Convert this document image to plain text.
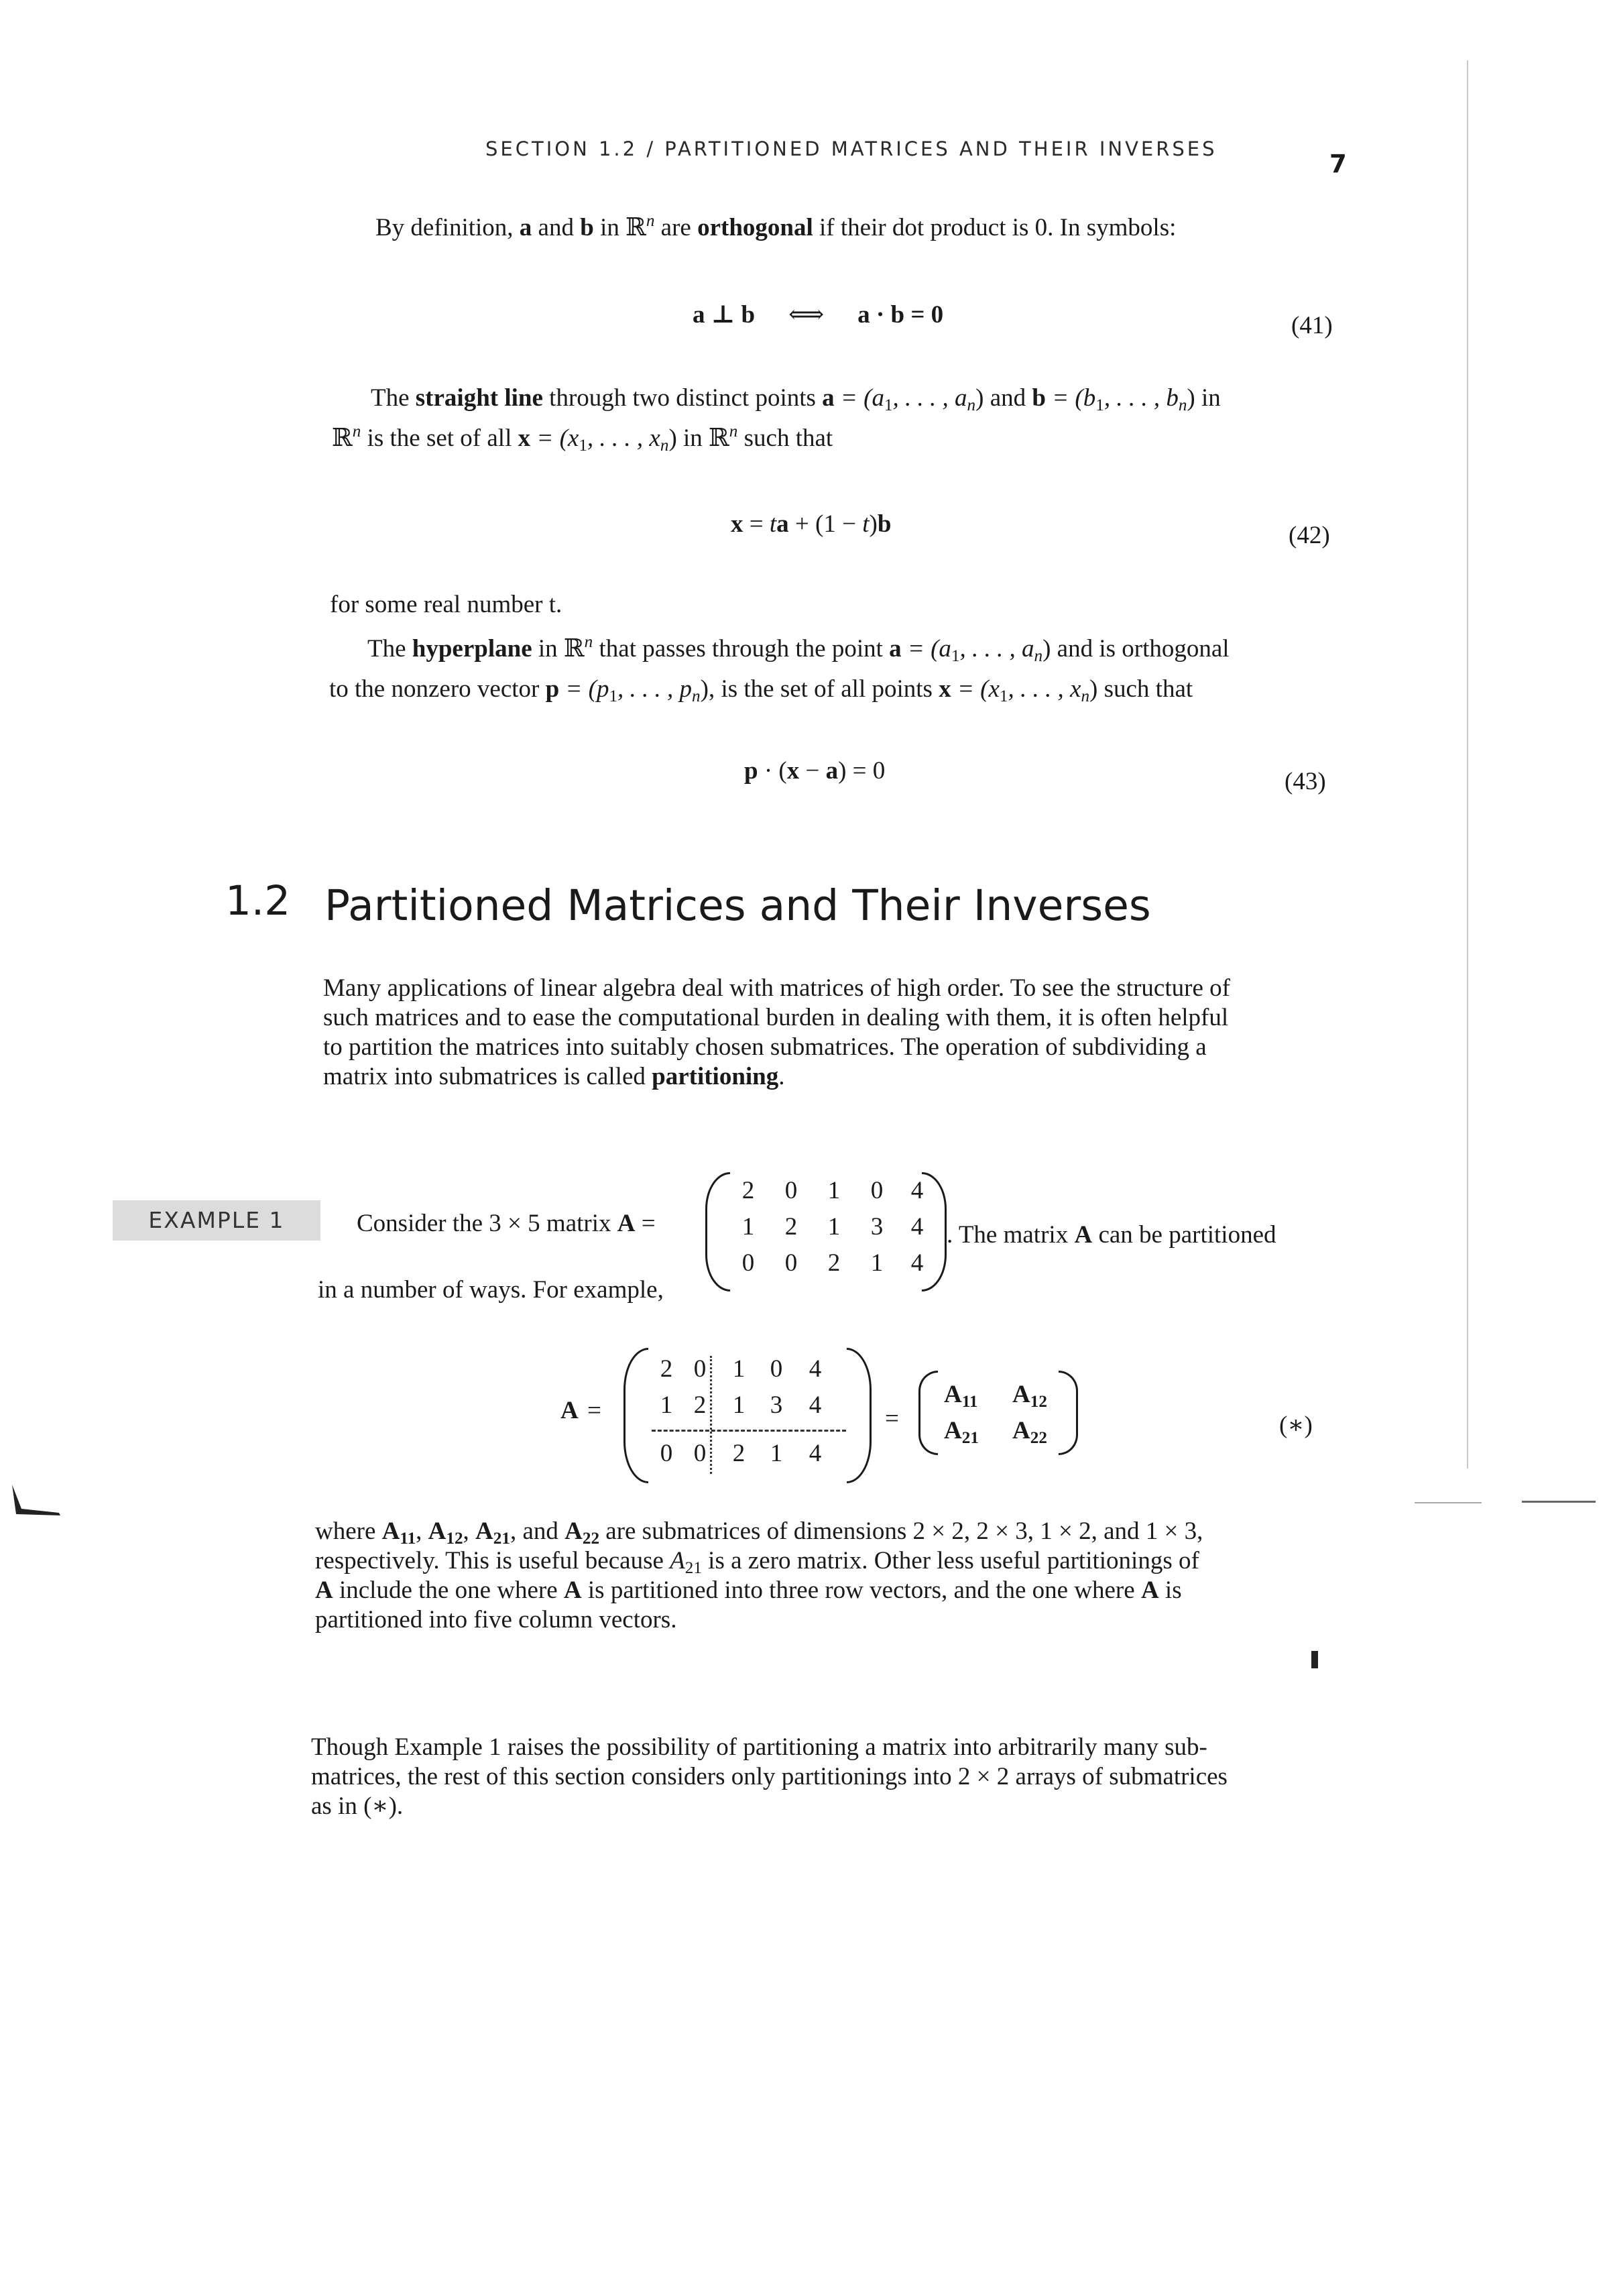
SECTION 1.2 / PARTITIONED MATRICES AND THEIR INVERSES
7
By definition, a and b in ℝ$^n$ are orthogonal if their dot product is 0. In symbols:
a ⊥ b ⟺ a · b = 0	(41)
The straight line through two distinct points $a = (a_1$, . . . , $a_n$) and $b = (b_1$, . . . , $b_n$) in
ℝ$^n$ is the set of all $x = (x_1$, . . . , $x_n$) in ℝ$^n$ such that
x = ta + (1 − t)b	(42)
for some real number t.
The hyperplane in ℝ$^n$ that passes through the point $a = (a_1$, . . . , $a_n$) and is orthogonal
to the nonzero vector $p = (p_1$, . . . , $p_n$), is the set of all points $x = (x_1$, . . . , $x_n$) such that
p · (x − a) = 0	(43)
1.2 Partitioned Matrices and Their Inverses
Many applications of linear algebra deal with matrices of high order. To see the structure of
such matrices and to ease the computational burden in dealing with them, it is often helpful
to partition the matrices into suitably chosen submatrices. The operation of subdividing a
matrix into submatrices is called partitioning.
EXAMPLE 1	Consider the 3 × 5 matrix A =
2 0 1 0 4
1 2 1 3 4
0 0 2 1 4
. The matrix A can be partitioned
in a number of ways. For example,
A =
2 0 1 0 4
1 2 1 3 4
0 0 2 1 4
=
$A_{11}$ $A_{12}$
$A_{21}$ $A_{22}$	(∗)
where $A_{11}$, $A_{12}$, $A_{21}$, and $A_{22}$ are submatrices of dimensions 2 × 2, 2 × 3, 1 × 2, and 1 × 3,
respectively. This is useful because $A_{21}$ is a zero matrix. Other less useful partitionings of
A include the one where A is partitioned into three row vectors, and the one where A is
partitioned into five column vectors.
Though Example 1 raises the possibility of partitioning a matrix into arbitrarily many sub-
matrices, the rest of this section considers only partitionings into 2 × 2 arrays of submatrices
as in (∗).
